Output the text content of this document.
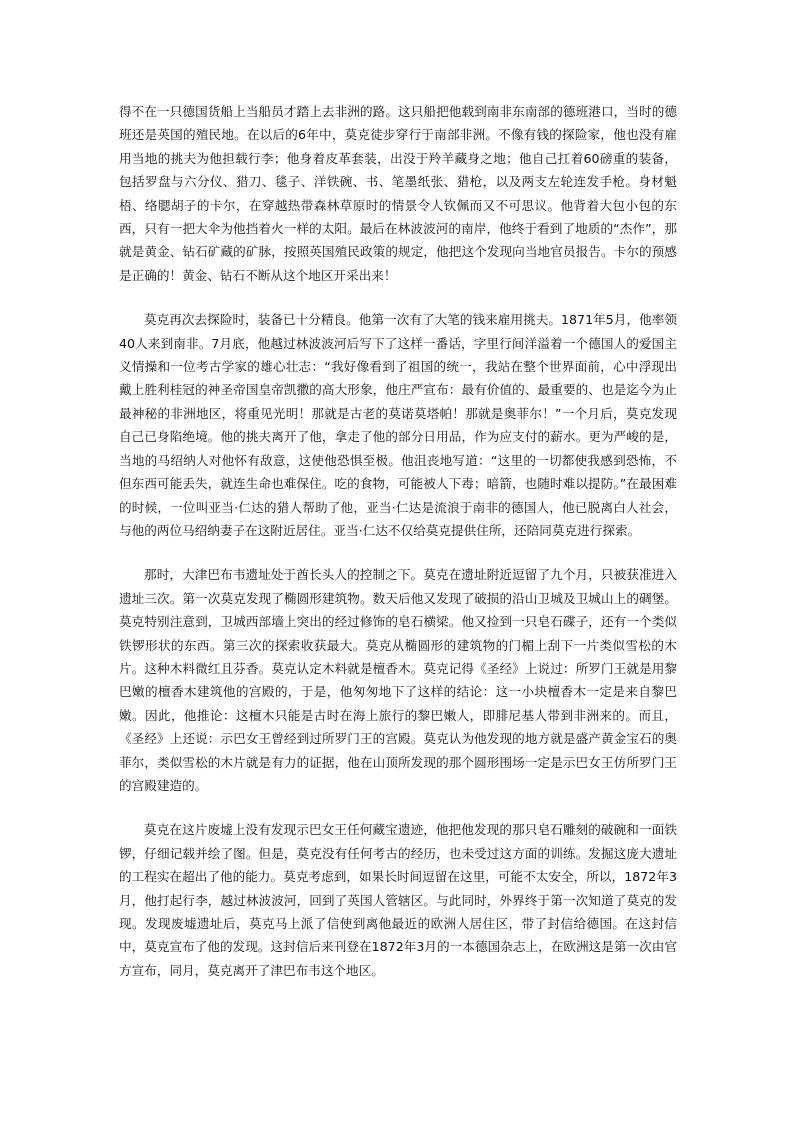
得不在一只德国货船上当船员才踏上去非洲的路。这只船把他载到南非东南部的德班港口，当时的德班还是英国的殖民地。在以后的6年中，莫克徒步穿行于南部非洲。不像有钱的探险家，他也没有雇用当地的挑夫为他担载行李；他身着皮革套装，出没于羚羊藏身之地；他自己扛着60磅重的装备，包括罗盘与六分仪、猎刀、毯子、洋铁碗、书、笔墨纸张、猎枪，以及两支左轮连发手枪。身材魁梧、络腮胡子的卡尔，在穿越热带森林草原时的情景令人钦佩而又不可思议。他背着大包小包的东西，只有一把大伞为他挡着火一样的太阳。最后在林波波河的南岸，他终于看到了地质的“杰作”，那就是黄金、钻石矿藏的矿脉，按照英国殖民政策的规定，他把这个发现向当地官员报告。卡尔的预感是正确的！黄金、钻石不断从这个地区开采出来！

莫克再次去探险时，装备已十分精良。他第一次有了大笔的钱来雇用挑夫。1871年5月，他率领40人来到南非。7月底，他越过林波波河后写下了这样一番话，字里行间洋溢着一个德国人的爱国主义情操和一位考古学家的雄心壮志：“我好像看到了祖国的统一，我站在整个世界面前，心中浮现出戴上胜利桂冠的神圣帝国皇帝凯撒的高大形象，他庄严宣布：最有价值的、最重要的、也是迄今为止最神秘的非洲地区，将重见光明！那就是古老的莫诺莫塔帕！那就是奥菲尔！”一个月后，莫克发现自己已身陷绝境。他的挑夫离开了他，拿走了他的部分日用品，作为应支付的薪水。更为严峻的是，当地的马绍纳人对他怀有敌意，这使他恐惧至极。他沮丧地写道：“这里的一切都使我感到恐怖，不但东西可能丢失，就连生命也难保住。吃的食物，可能被人下毒；暗箭，也随时难以提防。”在最困难的时候，一位叫亚当·仁达的猎人帮助了他，亚当·仁达是流浪于南非的德国人，他已脱离白人社会，与他的两位马绍纳妻子在这附近居住。亚当·仁达不仅给莫克提供住所，还陪同莫克进行探索。

那时，大津巴布韦遗址处于酋长头人的控制之下。莫克在遗址附近逗留了九个月，只被获准进入遗址三次。第一次莫克发现了椭圆形建筑物。数天后他又发现了破损的沿山卫城及卫城山上的碉堡。莫克特别注意到，卫城西部墙上突出的经过修饰的皂石横梁。他又捡到一只皂石碟子，还有一个类似铁锣形状的东西。第三次的探索收获最大。莫克从椭圆形的建筑物的门楣上刮下一片类似雪松的木片。这种木料微红且芬香。莫克认定木料就是檀香木。莫克记得《圣经》上说过：所罗门王就是用黎巴嫩的檀香木建筑他的宫殿的，于是，他匆匆地下了这样的结论：这一小块檀香木一定是来自黎巴嫩。因此，他推论：这檀木只能是古时在海上旅行的黎巴嫩人，即腓尼基人带到非洲来的。而且，《圣经》上还说：示巴女王曾经到过所罗门王的宫殿。莫克认为他发现的地方就是盛产黄金宝石的奥菲尔，类似雪松的木片就是有力的证据，他在山顶所发现的那个圆形围场一定是示巴女王仿所罗门王的宫殿建造的。

莫克在这片废墟上没有发现示巴女王任何藏宝遗迹，他把他发现的那只皂石雕刻的破碗和一面铁锣，仔细记载并绘了图。但是，莫克没有任何考古的经历，也未受过这方面的训练。发掘这庞大遗址的工程实在超出了他的能力。莫克考虑到，如果长时间逗留在这里，可能不太安全，所以，1872年3月，他打起行李，越过林波波河，回到了英国人管辖区。与此同时，外界终于第一次知道了莫克的发现。发现废墟遗址后，莫克马上派了信使到离他最近的欧洲人居住区，带了封信给德国。在这封信中，莫克宣布了他的发现。这封信后来刊登在1872年3月的一本德国杂志上，在欧洲这是第一次由官方宣布，同月，莫克离开了津巴布韦这个地区。
